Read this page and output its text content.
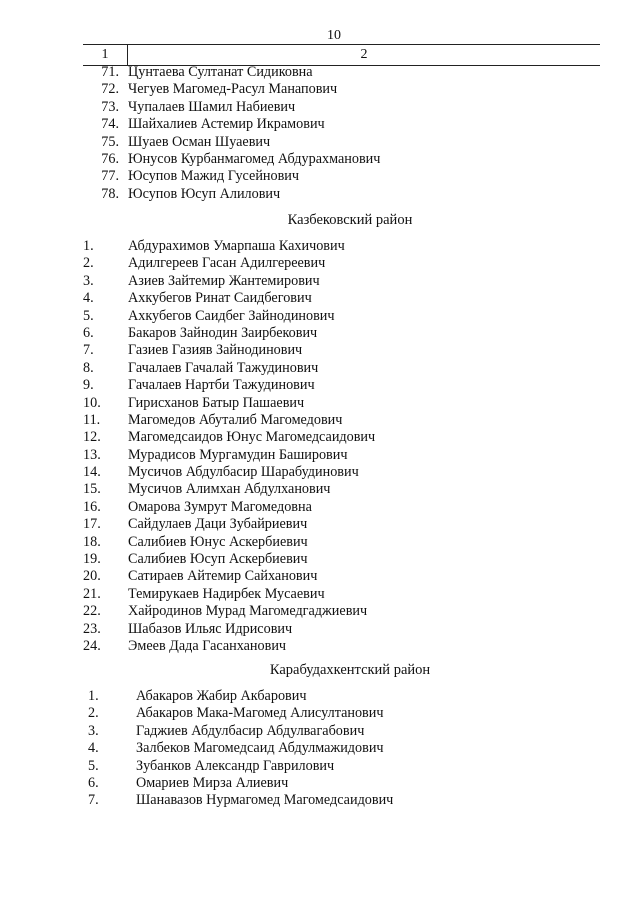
10
1	2
71. Цунтаева Султанат Сидиковна
72. Чегуев Магомед-Расул Манапович
73. Чупалаев Шамил Набиевич
74. Шайхалиев Астемир Икрамович
75. Шуаев Осман Шуаевич
76. Юнусов Курбанмагомед Абдурахманович
77. Юсупов Мажид Гусейнович
78. Юсупов Юсуп Алилович
Казбековский район
1.	Абдурахимов Умарпаша Кахичович
2.	Адилгереев Гасан Адилгереевич
3.	Азиев Зайтемир Жантемирович
4.	Ахкубегов Ринат Саидбегович
5.	Ахкубегов Саидбег Зайнодинович
6.	Бакаров Зайнодин Заирбекович
7.	Газиев Газияв Зайнодинович
8.	Гачалаев Гачалай Тажудинович
9.	Гачалаев Нартби Тажудинович
10.	Гирисханов Батыр Пашаевич
11.	Магомедов Абуталиб Магомедович
12.	Магомедсаидов Юнус Магомедсаидович
13.	Мурадисов Мургамудин Баширович
14.	Мусичов Абдулбасир Шарабудинович
15.	Мусичов Алимхан Абдулханович
16.	Омарова Зумрут Магомедовна
17.	Сайдулаев Даци Зубайриевич
18.	Салибиев Юнус Аскербиевич
19.	Салибиев Юсуп Аскербиевич
20.	Сатираев Айтемир Сайханович
21.	Темирукаев Надирбек Мусаевич
22.	Хайродинов Мурад Магомедгаджиевич
23.	Шабазов Ильяс Идрисович
24.	Эмеев Дада Гасанханович
Карабудахкентский район
1.	Абакаров Жабир Акбарович
2.	Абакаров Мака-Магомед Алисултанович
3.	Гаджиев Абдулбасир Абдулвагабович
4.	Залбеков Магомедсаид Абдулмажидович
5.	Зубанков Александр Гаврилович
6.	Омариев Мирза Алиевич
7.	Шанавазов Нурмагомед Магомедсаидович
